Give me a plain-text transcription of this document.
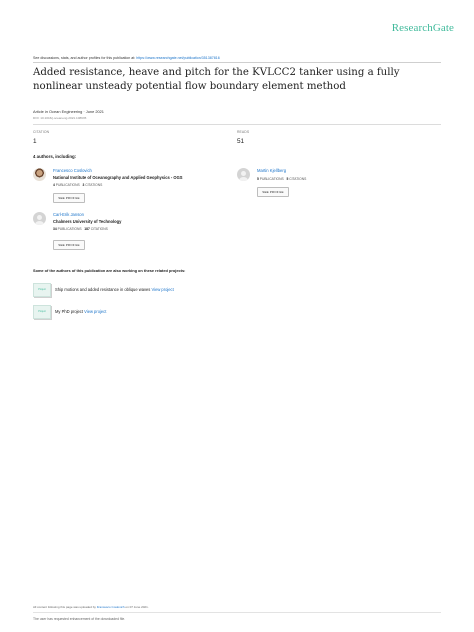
ResearchGate
See discussions, stats, and author profiles for this publication at: https://www.researchgate.net/publication/351387816
Added resistance, heave and pitch for the KVLCC2 tanker using a fully nonlinear unsteady potential flow boundary element method
Article in Ocean Engineering · June 2021
DOI: 10.1016/j.oceaneng.2021.108935
CITATION
1
READS
51
4 authors, including:
Francesco Coslovich
National Institute of Oceanography and Applied Geophysics - OGS
4 PUBLICATIONS 3 CITATIONS
SEE PROFILE
Martin Kjellberg
5 PUBLICATIONS 5 CITATIONS
SEE PROFILE
Carl-Erik Janson
Chalmers University of Technology
34 PUBLICATIONS 187 CITATIONS
SEE PROFILE
Some of the authors of this publication are also working on these related projects:
Project	Ship motions and added resistance in oblique waves View project
Project	My PhD project View project
All content following this page was uploaded by Francesco Coslovich on 07 June 2021.
The user has requested enhancement of the downloaded file.
